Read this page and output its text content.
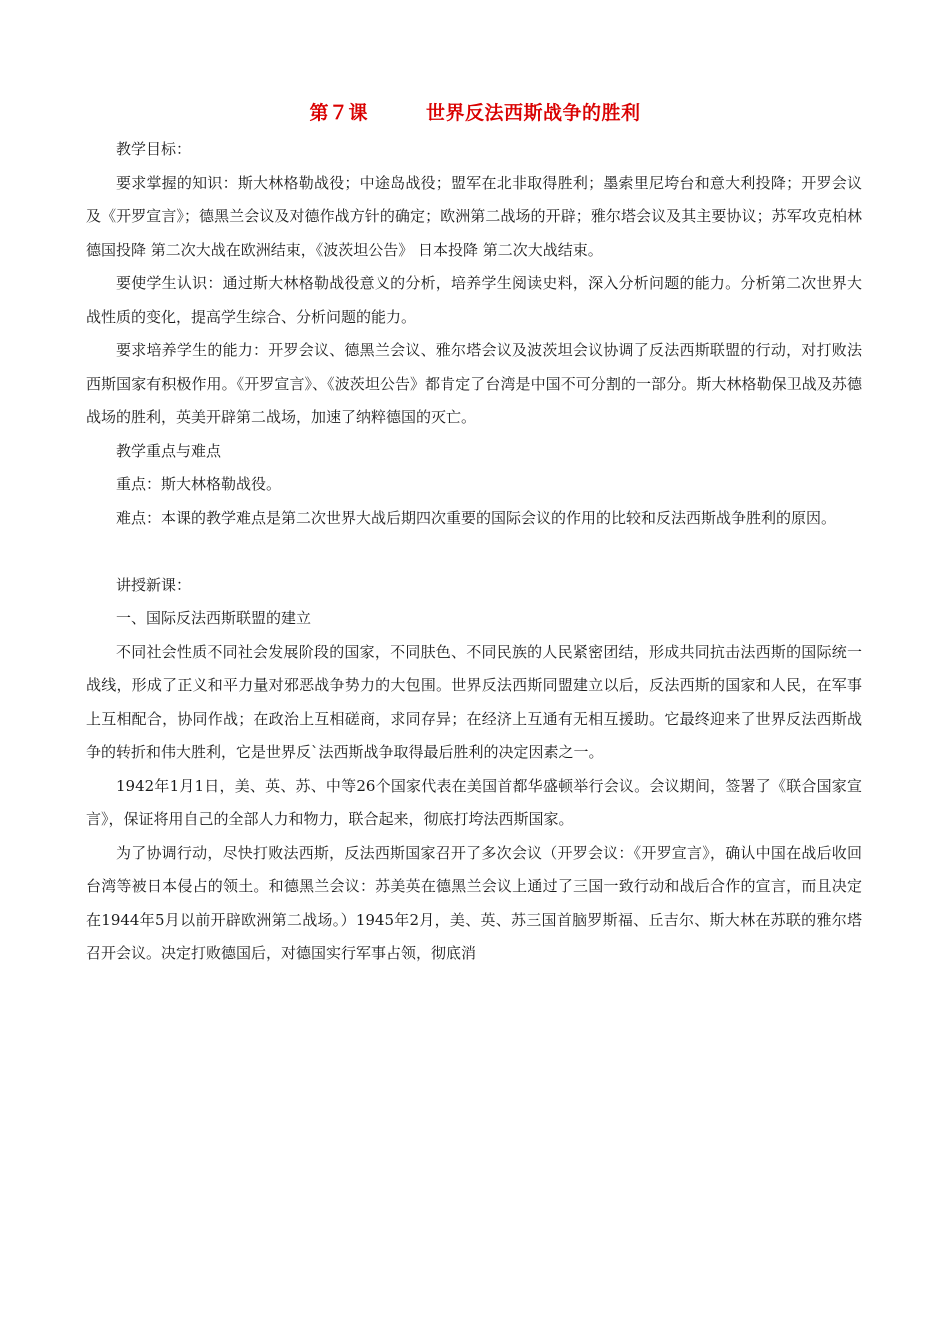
第７课	世界反法西斯战争的胜利

教学目标：

要求掌握的知识：斯大林格勒战役；中途岛战役；盟军在北非取得胜利；墨索里尼垮台和意大利投降；开罗会议及《开罗宣言》；德黑兰会议及对德作战方针的确定；欧洲第二战场的开辟；雅尔塔会议及其主要协议；苏军攻克柏林 德国投降 第二次大战在欧洲结束，《波茨坦公告》 日本投降 第二次大战结束。

要使学生认识：通过斯大林格勒战役意义的分析，培养学生阅读史料，深入分析问题的能力。分析第二次世界大战性质的变化，提高学生综合、分析问题的能力。

要求培养学生的能力：开罗会议、德黑兰会议、雅尔塔会议及波茨坦会议协调了反法西斯联盟的行动，对打败法西斯国家有积极作用。《开罗宣言》、《波茨坦公告》都肯定了台湾是中国不可分割的一部分。斯大林格勒保卫战及苏德战场的胜利，英美开辟第二战场，加速了纳粹德国的灭亡。

教学重点与难点

重点：斯大林格勒战役。

难点：本课的教学难点是第二次世界大战后期四次重要的国际会议的作用的比较和反法西斯战争胜利的原因。

讲授新课：

一、国际反法西斯联盟的建立

不同社会性质不同社会发展阶段的国家，不同肤色、不同民族的人民紧密团结，形成共同抗击法西斯的国际统一战线，形成了正义和平力量对邪恶战争势力的大包围。世界反法西斯同盟建立以后，反法西斯的国家和人民，在军事上互相配合，协同作战；在政治上互相磋商，求同存异；在经济上互通有无相互援助。它最终迎来了世界反法西斯战争的转折和伟大胜利，它是世界反`法西斯战争取得最后胜利的决定因素之一。

1942年1月1日，美、英、苏、中等26个国家代表在美国首都华盛顿举行会议。会议期间，签署了《联合国家宣言》，保证将用自己的全部人力和物力，联合起来，彻底打垮法西斯国家。

为了协调行动，尽快打败法西斯，反法西斯国家召开了多次会议（开罗会议：《开罗宣言》，确认中国在战后收回台湾等被日本侵占的领土。和德黑兰会议：苏美英在德黑兰会议上通过了三国一致行动和战后合作的宣言，而且决定在1944年5月以前开辟欧洲第二战场。）1945年2月，美、英、苏三国首脑罗斯福、丘吉尔、斯大林在苏联的雅尔塔召开会议。决定打败德国后，对德国实行军事占领，彻底消
